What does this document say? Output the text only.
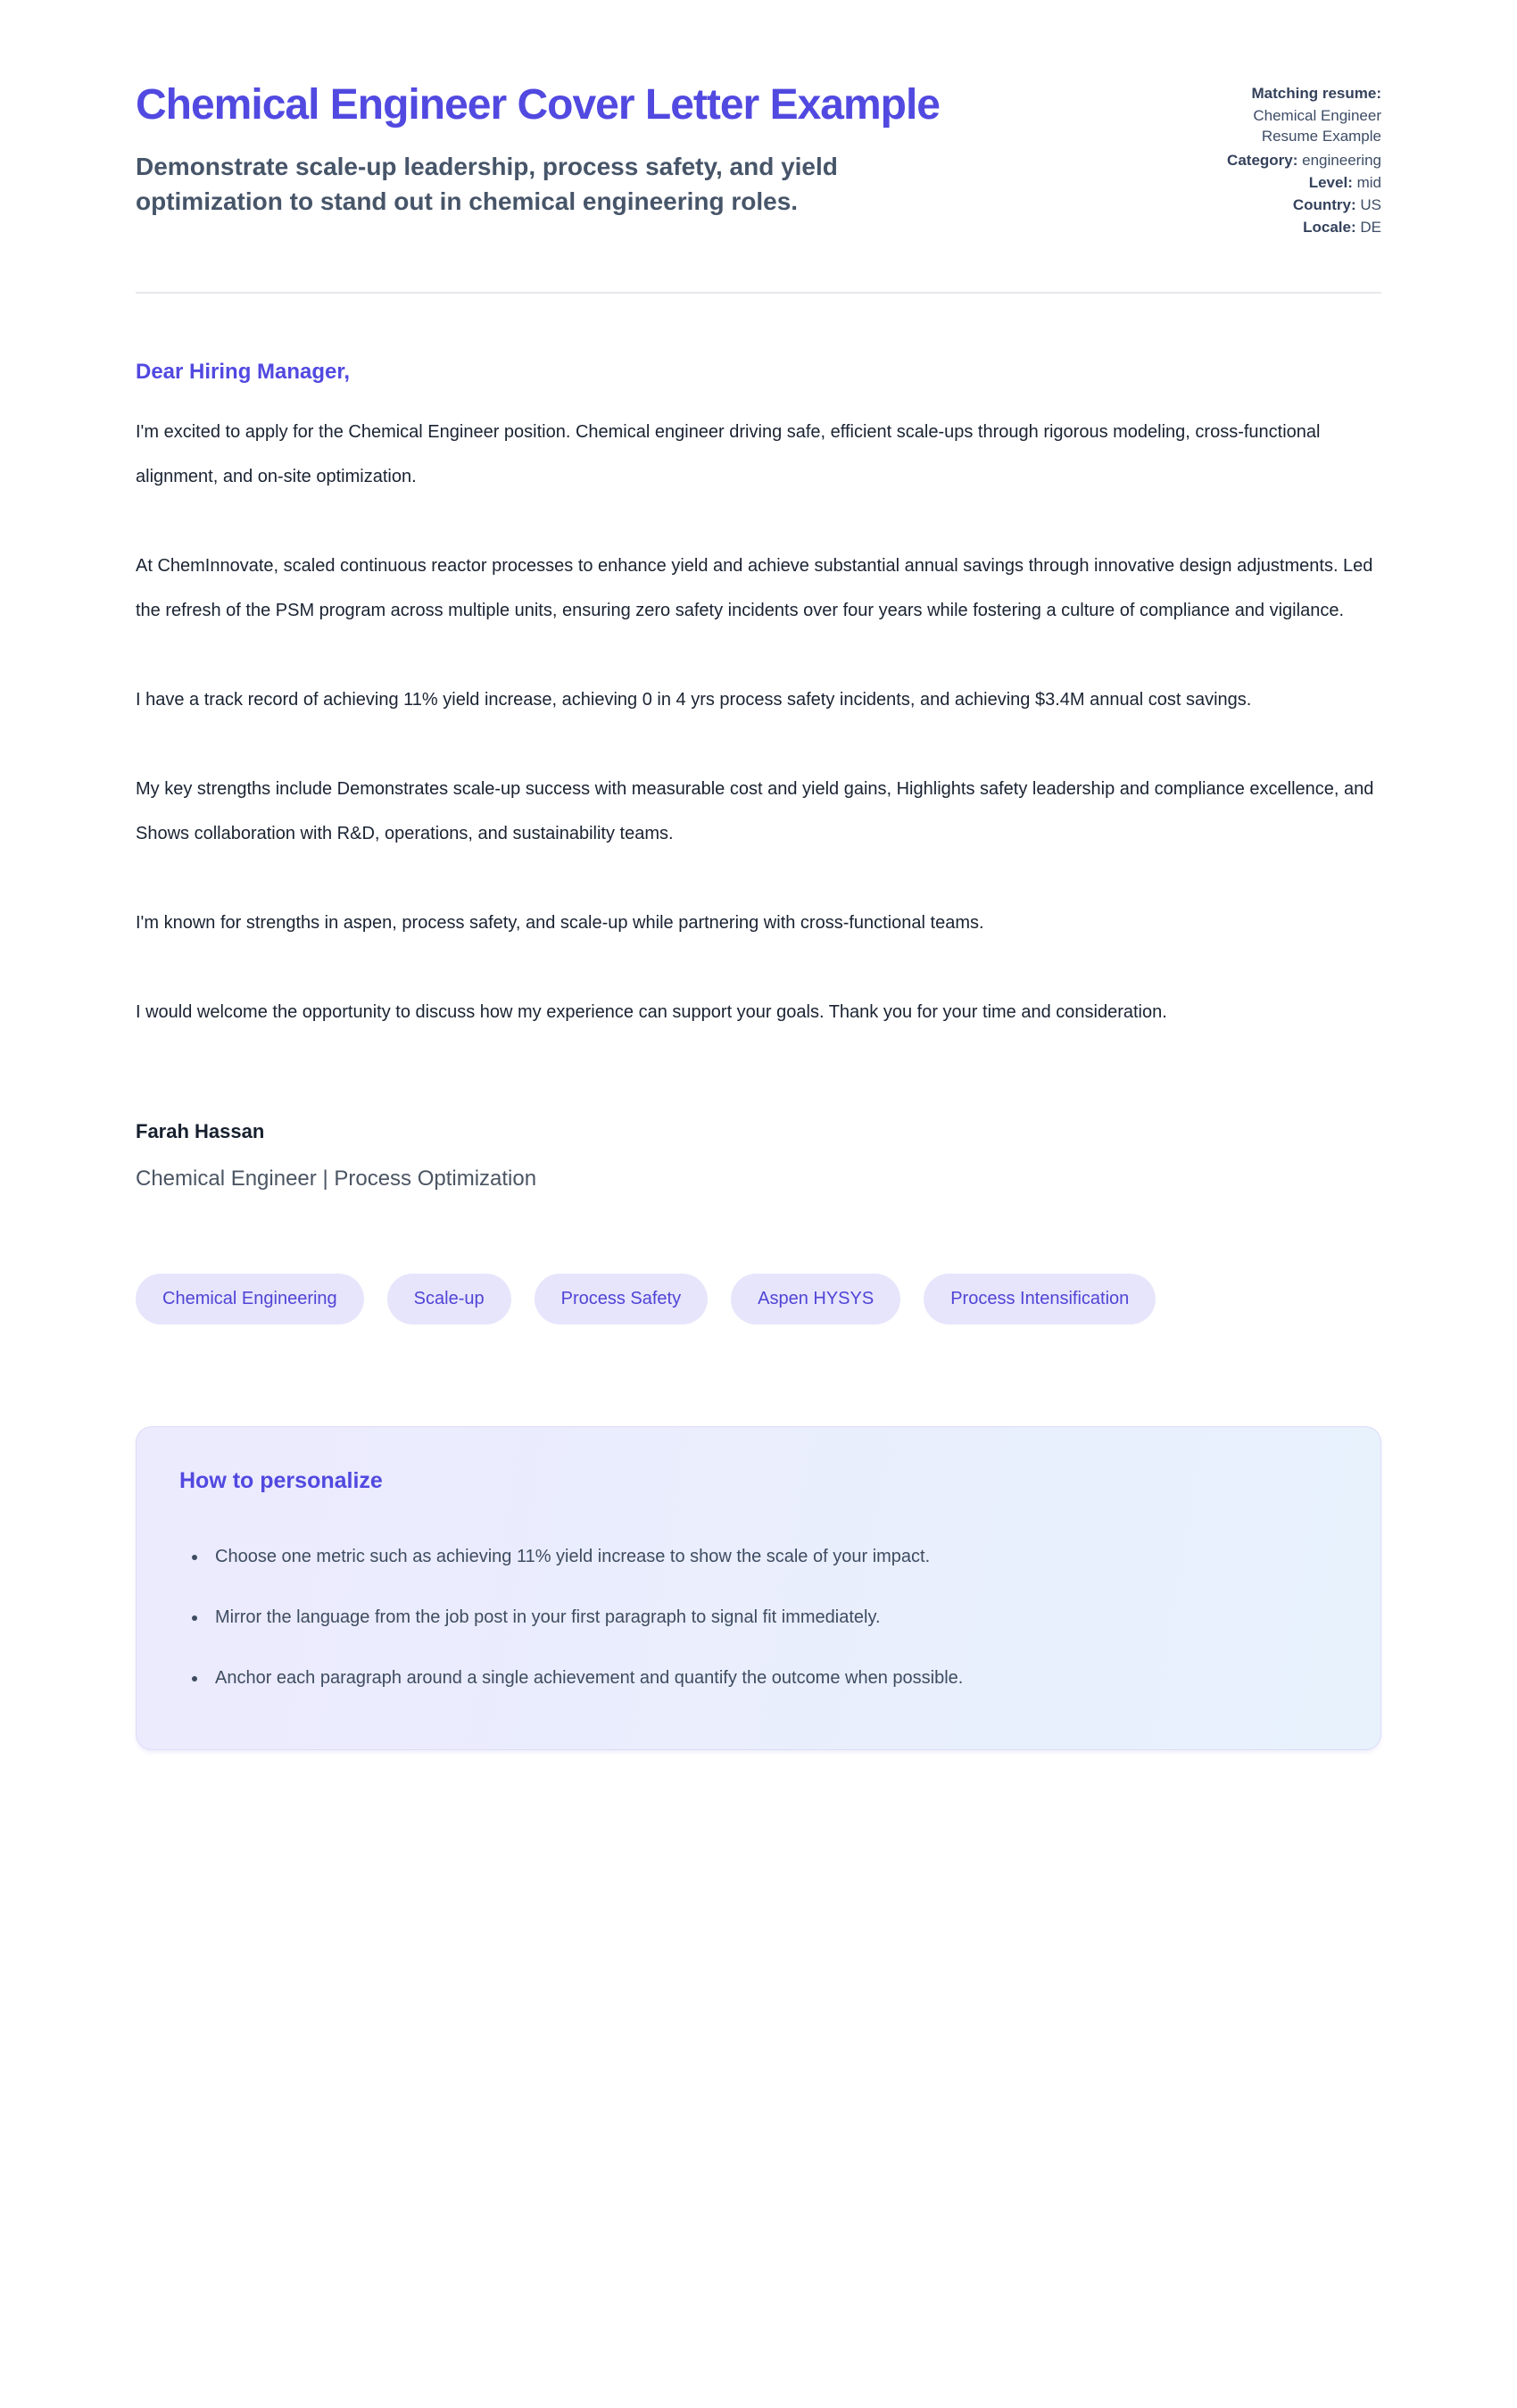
Chemical Engineer Cover Letter Example

Demonstrate scale-up leadership, process safety, and yield optimization to stand out in chemical engineering roles.

Matching resume:
Chemical Engineer Resume Example
Category: engineering
Level: mid
Country: US
Locale: DE
Dear Hiring Manager,

I'm excited to apply for the Chemical Engineer position. Chemical engineer driving safe, efficient scale-ups through rigorous modeling, cross-functional alignment, and on-site optimization.

At ChemInnovate, scaled continuous reactor processes to enhance yield and achieve substantial annual savings through innovative design adjustments. Led the refresh of the PSM program across multiple units, ensuring zero safety incidents over four years while fostering a culture of compliance and vigilance.

I have a track record of achieving 11% yield increase, achieving 0 in 4 yrs process safety incidents, and achieving $3.4M annual cost savings.

My key strengths include Demonstrates scale-up success with measurable cost and yield gains, Highlights safety leadership and compliance excellence, and Shows collaboration with R&D, operations, and sustainability teams.

I'm known for strengths in aspen, process safety, and scale-up while partnering with cross-functional teams.

I would welcome the opportunity to discuss how my experience can support your goals. Thank you for your time and consideration.

Farah Hassan

Chemical Engineer | Process Optimization

Chemical Engineering	Scale-up	Process Safety	Aspen HYSYS	Process Intensification
How to personalize
• Choose one metric such as achieving 11% yield increase to show the scale of your impact.
• Mirror the language from the job post in your first paragraph to signal fit immediately.
• Anchor each paragraph around a single achievement and quantify the outcome when possible.
